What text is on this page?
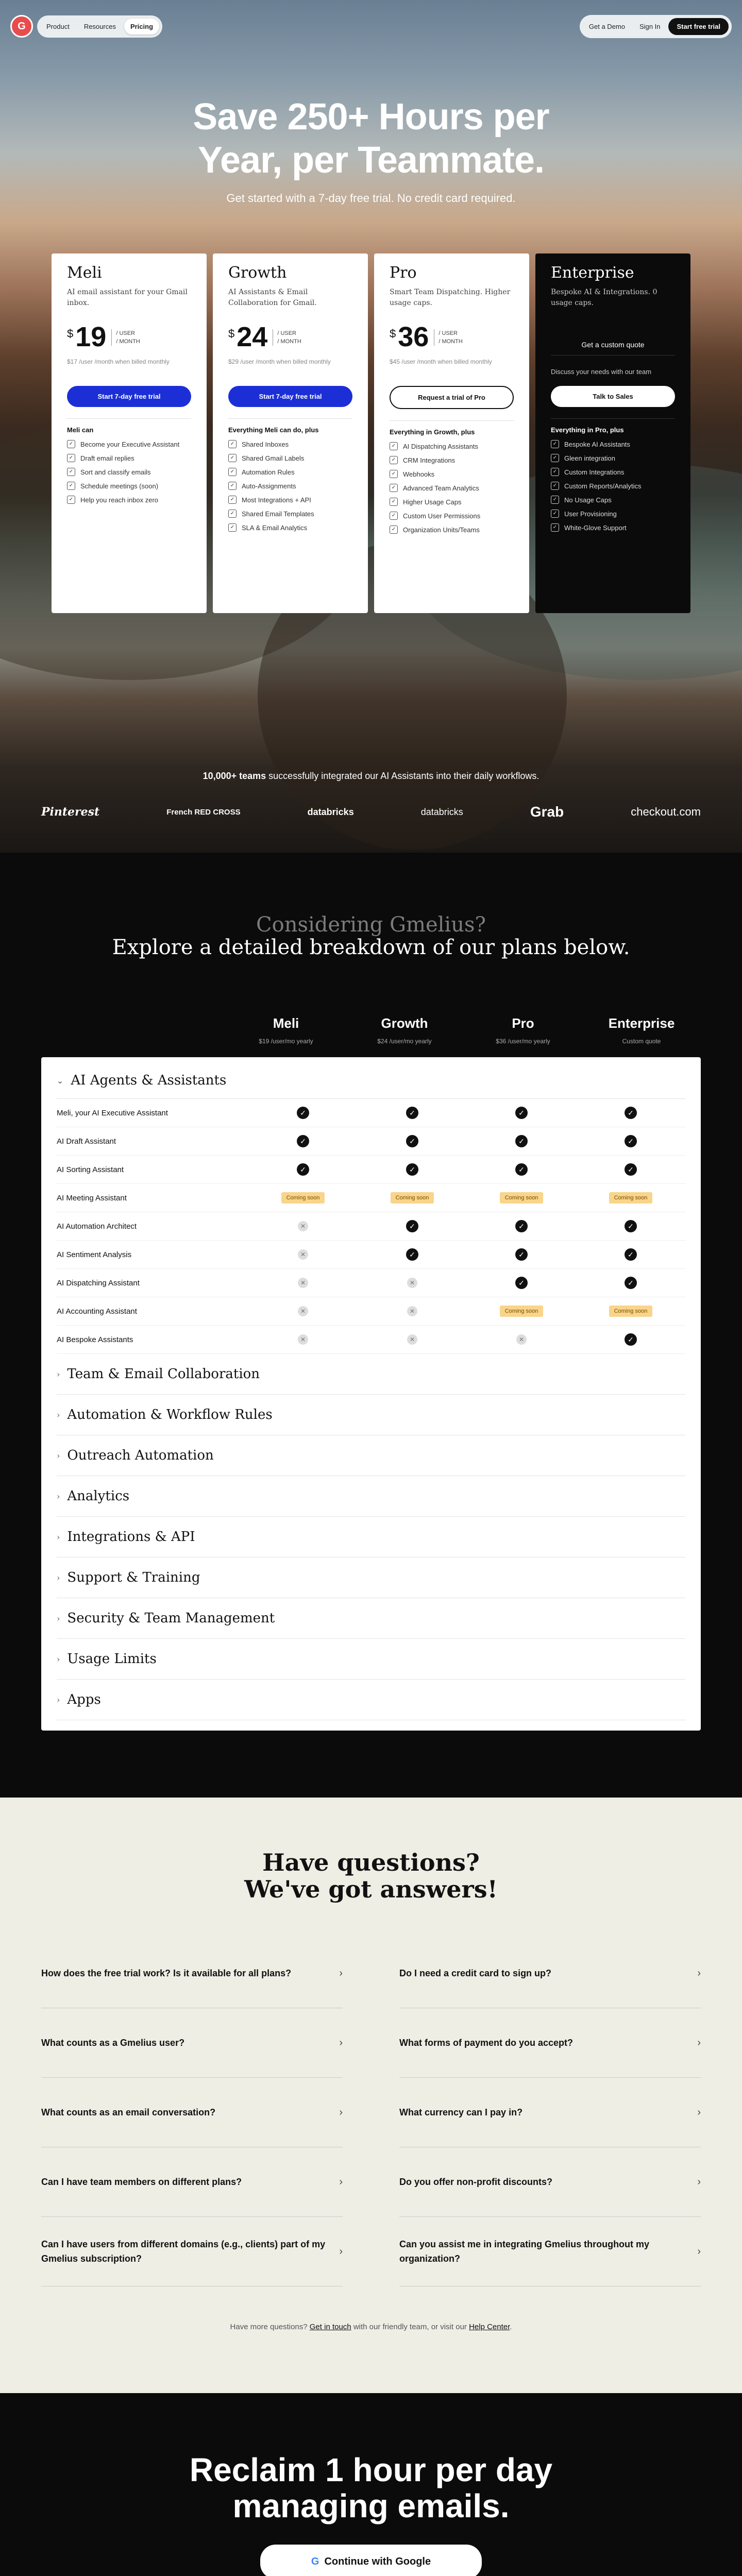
G	Product	Resources	Pricing	Get a Demo	Sign In	Start free trial
Save 250+ Hours per
Year, per Teammate.
Get started with a 7-day free trial. No credit card required.
Meli
AI email assistant for your Gmail inbox.
$ 19 / USER
/ MONTH
$17 /user /month when billed monthly
Start 7-day free trial
Meli can
✓ Become your Executive Assistant
✓ Draft email replies
✓ Sort and classify emails
✓ Schedule meetings (soon)
✓ Help you reach inbox zero
Growth
AI Assistants & Email Collaboration for Gmail.
$ 24 / USER
/ MONTH
$29 /user /month when billed monthly
Start 7-day free trial
Everything Meli can do, plus
✓ Shared Inboxes
✓ Shared Gmail Labels
✓ Automation Rules
✓ Auto-Assignments
✓ Most Integrations + API
✓ Shared Email Templates
✓ SLA & Email Analytics
Pro
Smart Team Dispatching. Higher usage caps.
$ 36 / USER
/ MONTH
$45 /user /month when billed monthly
Request a trial of Pro
Everything in Growth, plus
✓ AI Dispatching Assistants
✓ CRM Integrations
✓ Webhooks
✓ Advanced Team Analytics
✓ Higher Usage Caps
✓ Custom User Permissions
✓ Organization Units/Teams
Enterprise
Bespoke AI & Integrations. 0 usage caps.
Get a custom quote
Discuss your needs with our team
Talk to Sales
Everything in Pro, plus
✓ Bespoke AI Assistants
✓ Gleen integration
✓ Custom Integrations
✓ Custom Reports/Analytics
✓ No Usage Caps
✓ User Provisioning
✓ White-Glove Support
10,000+ teams successfully integrated our AI Assistants into their daily workflows.
Pinterest	French RED CROSS	databricks	databricks	Grab	checkout.com
Considering Gmelius?
Explore a detailed breakdown of our plans below.
Meli
$19 /user/mo yearly
Growth
$24 /user/mo yearly
Pro
$36 /user/mo yearly
Enterprise
Custom quote
⌄ AI Agents & Assistants
Meli, your AI Executive Assistant	✓	✓	✓	✓
AI Draft Assistant	✓	✓	✓	✓
AI Sorting Assistant	✓	✓	✓	✓
AI Meeting Assistant	Coming soon	Coming soon	Coming soon	Coming soon
AI Automation Architect	✕	✓	✓	✓
AI Sentiment Analysis	✕	✓	✓	✓
AI Dispatching Assistant	✕	✕	✓	✓
AI Accounting Assistant	✕	✕	Coming soon	Coming soon
AI Bespoke Assistants	✕	✕	✕	✓
› Team & Email Collaboration
› Automation & Workflow Rules
› Outreach Automation
› Analytics
› Integrations & API
› Support & Training
› Security & Team Management
› Usage Limits
› Apps
Have questions?
We've got answers!
How does the free trial work? Is it available for all plans?	›	Do I need a credit card to sign up?	›
What counts as a Gmelius user?	›	What forms of payment do you accept?	›
What counts as an email conversation?	›	What currency can I pay in?	›
Can I have team members on different plans?	›	Do you offer non-profit discounts?	›
Can I have users from different domains (e.g., clients) part of my Gmelius subscription?
›
Can you assist me in integrating Gmelius throughout my organization?
›
Have more questions? Get in touch with our friendly team, or visit our Help Center.
Reclaim 1 hour per day
managing emails.
G Continue with Google
